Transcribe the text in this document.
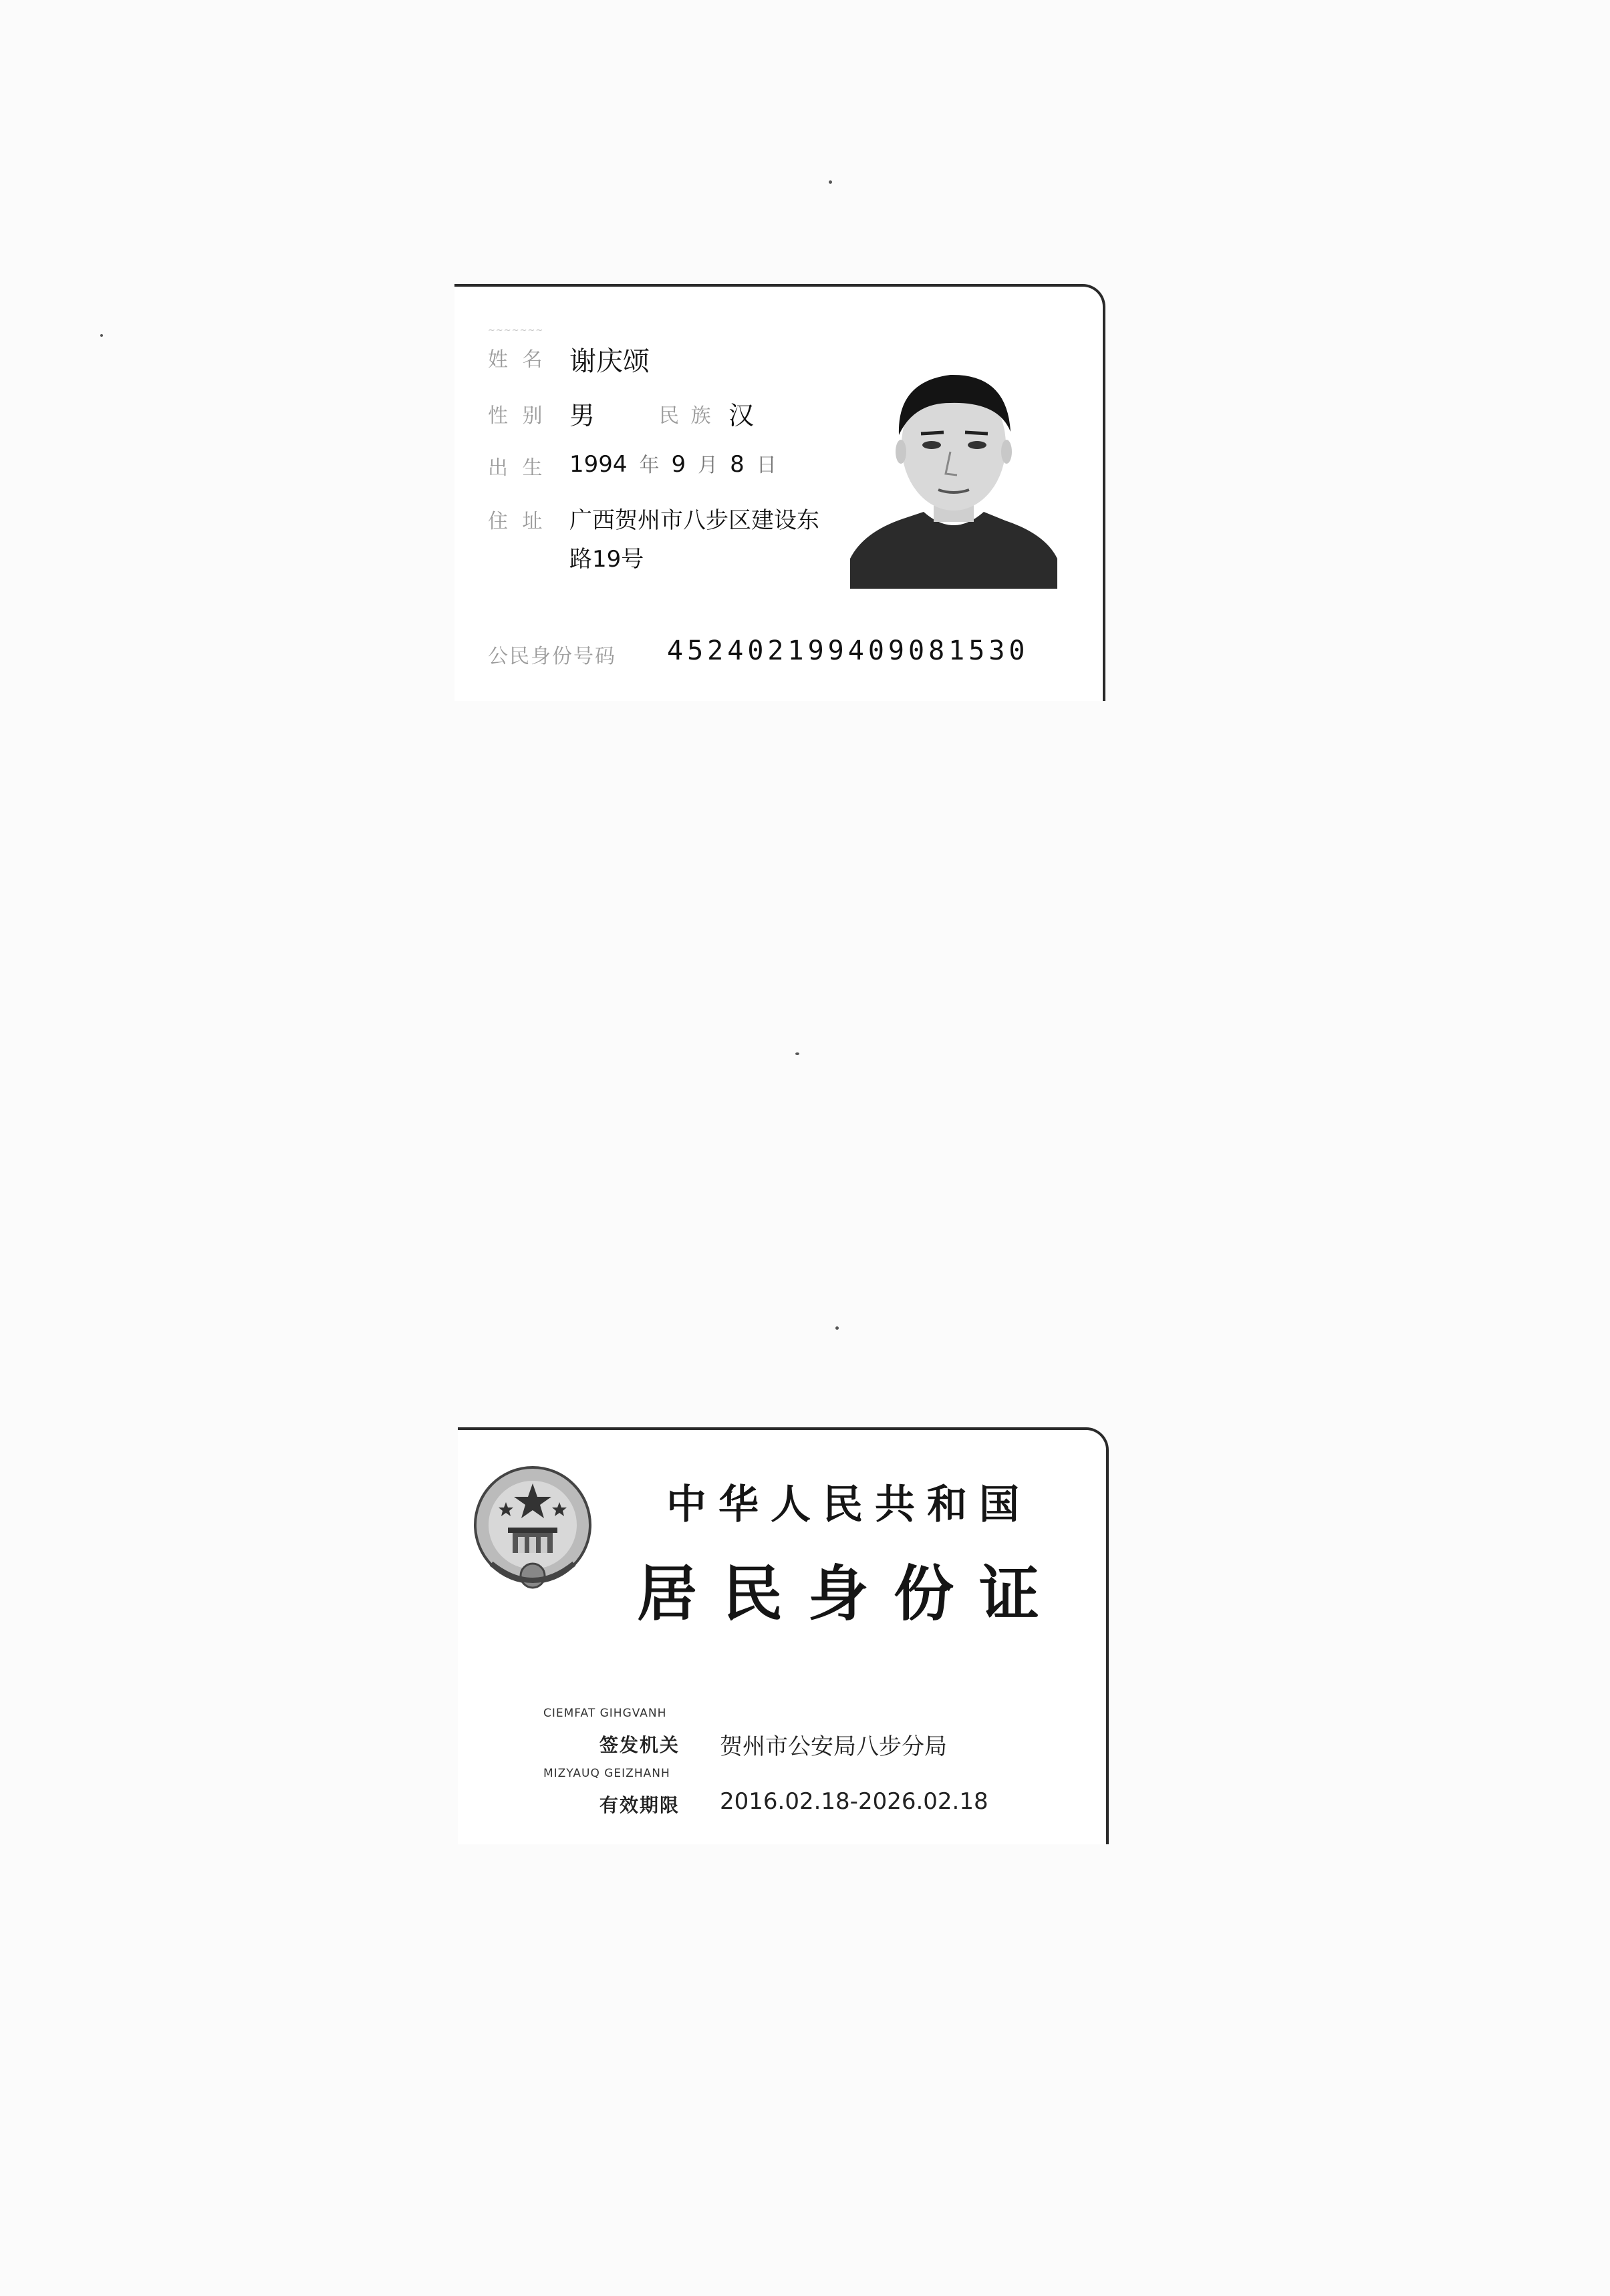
~~~~~~~
姓 名 谢庆颂
性 别 男	民 族 汉
出 生 1994 年 9 月 8 日
住 址 广西贺州市八步区建设东
路19号
公民身份号码 452402199409081530
中华人民共和国
居民身份证
CIEMFAT GIHGVANH
签发机关 贺州市公安局八步分局
MIZYAUQ GEIZHANH
有效期限 2016.02.18-2026.02.18
